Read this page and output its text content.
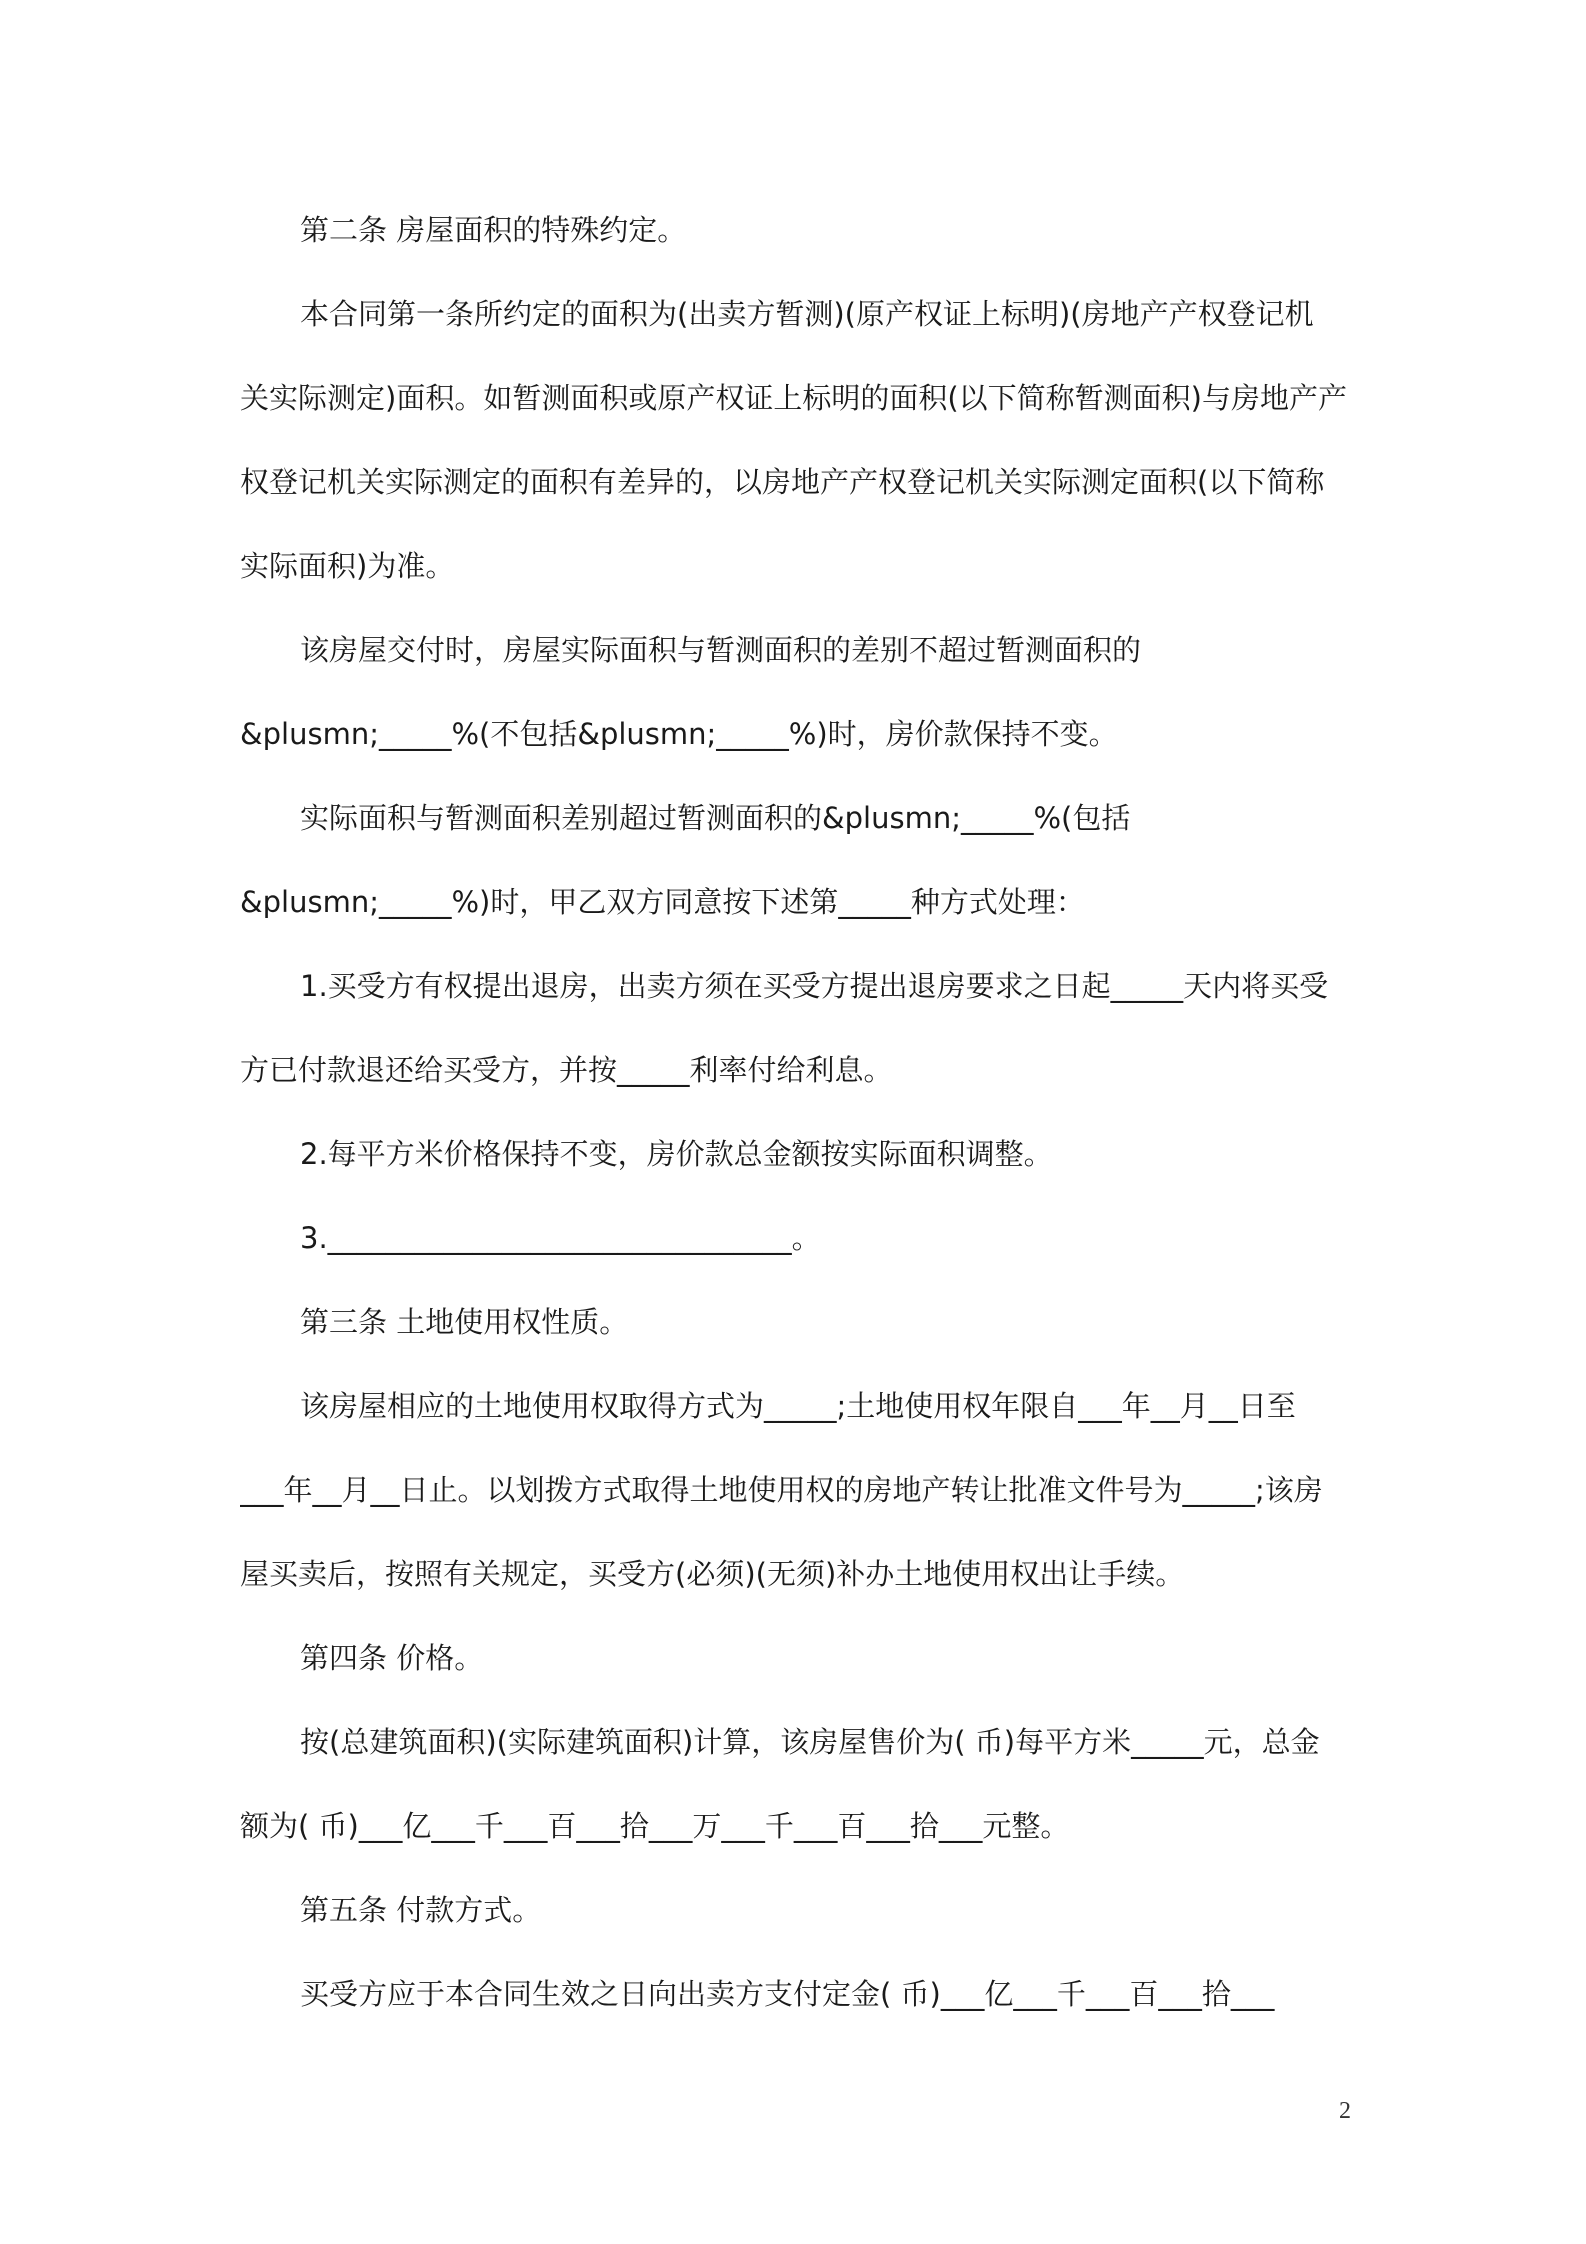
第二条 房屋面积的特殊约定。
本合同第一条所约定的面积为(出卖方暂测)(原产权证上标明)(房地产产权登记机
关实际测定)面积。如暂测面积或原产权证上标明的面积(以下简称暂测面积)与房地产产
权登记机关实际测定的面积有差异的，以房地产产权登记机关实际测定面积(以下简称
实际面积)为准。
该房屋交付时，房屋实际面积与暂测面积的差别不超过暂测面积的
&plusmn;_____%(不包括&plusmn;_____%)时，房价款保持不变。
实际面积与暂测面积差别超过暂测面积的&plusmn;_____%(包括
&plusmn;_____%)时，甲乙双方同意按下述第_____种方式处理：
1.买受方有权提出退房，出卖方须在买受方提出退房要求之日起_____天内将买受
方已付款退还给买受方，并按_____利率付给利息。
2.每平方米价格保持不变，房价款总金额按实际面积调整。
3.________________________________。
第三条 土地使用权性质。
该房屋相应的土地使用权取得方式为_____;土地使用权年限自___年__月__日至
___年__月__日止。以划拨方式取得土地使用权的房地产转让批准文件号为_____;该房
屋买卖后，按照有关规定，买受方(必须)(无须)补办土地使用权出让手续。
第四条 价格。
按(总建筑面积)(实际建筑面积)计算，该房屋售价为( 币)每平方米_____元，总金
额为( 币)___亿___千___百___拾___万___千___百___拾___元整。
第五条 付款方式。
买受方应于本合同生效之日向出卖方支付定金( 币)___亿___千___百___拾___
2
